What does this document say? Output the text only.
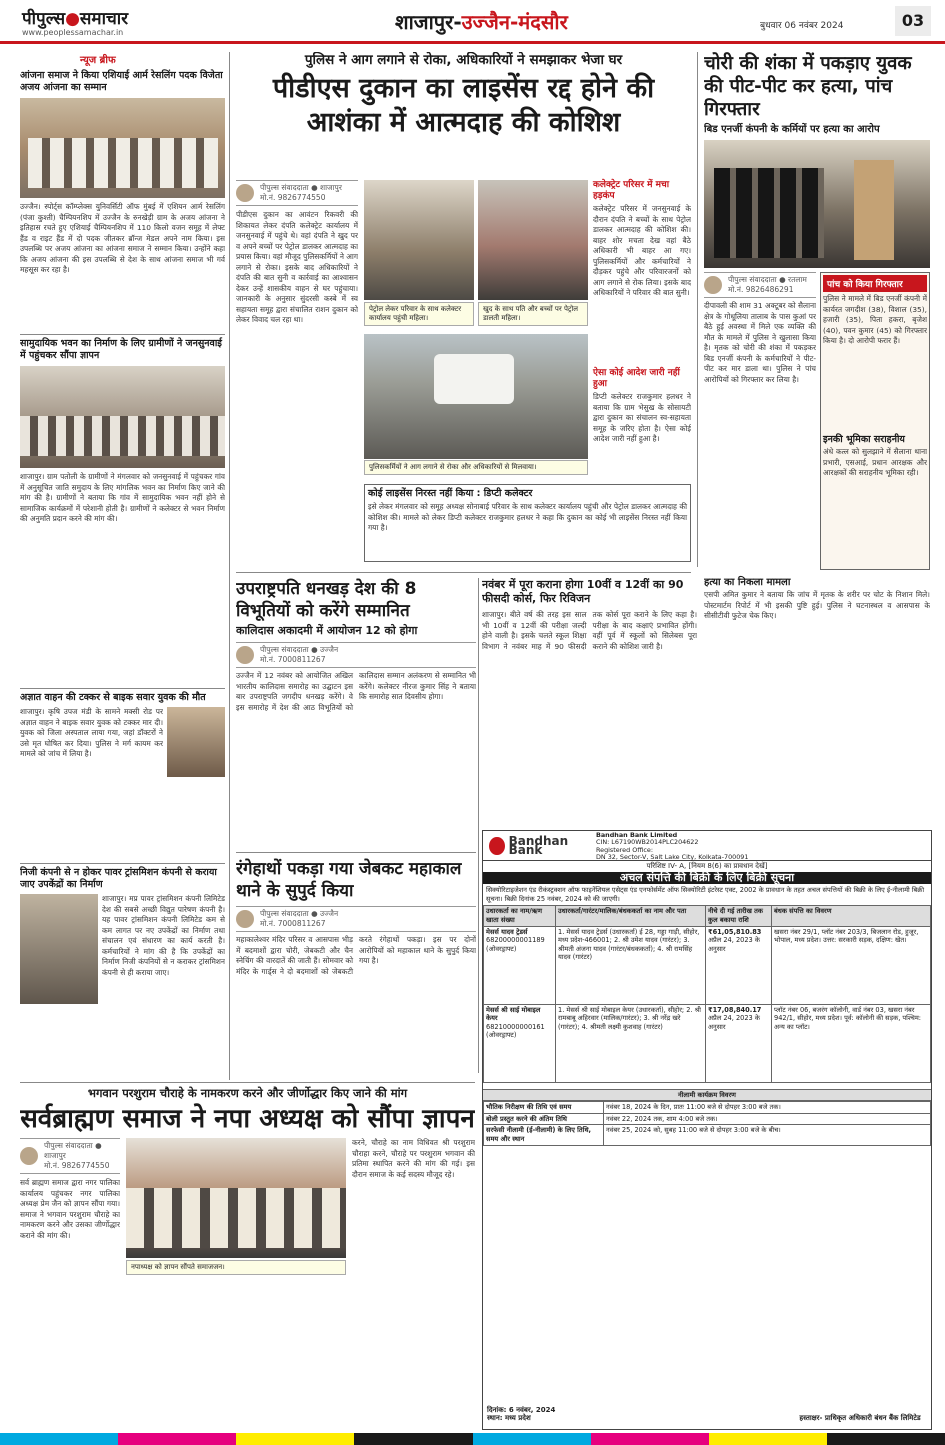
पीपुल्स●समाचार
www.peoplessamachar.in	शाजापुर-उज्जैन-मंदसौर	बुधवार 06 नवंबर 2024	03
न्यूज ब्रीफ
आंजना समाज ने किया एशियाई आर्म रेसलिंग पदक विजेता अजय आंजना का सम्मान
उज्जैन। स्पोर्ट्स कॉम्प्लेक्स युनिवर्सिटी ऑफ मुंबई में एशियन आर्म रेसलिंग (पंजा कुश्ती) चैम्पियनशिप में उज्जैन के रुनखेड़ी ग्राम के अजय आंजना ने इतिहास रचते हुए एशियाई चैम्पियनशिप में 110 किलो वजन समूह में लेफ्ट हैंड व राइट हैंड में दो पदक जीतकर ब्रॉन्ज मेडल अपने नाम किया। इस उपलब्धि पर अजय आंजना का आंजना समाज ने सम्मान किया। उन्होंने कहा कि अजय आंजना की इस उपलब्धि से देश के साथ आंजना समाज भी गर्व महसूस कर रहा है।
सामुदायिक भवन का निर्माण के लिए ग्रामीणों ने जनसुनवाई में पहुंचकर सौंपा ज्ञापन
शाजापुर। ग्राम पतोली के ग्रामीणों ने मंगलवार को जनसुनवाई में पहुंचकर गांव में अनुसूचित जाति समुदाय के लिए मांगलिक भवन का निर्माण किए जाने की मांग की है। ग्रामीणों ने बताया कि गांव में सामुदायिक भवन नहीं होने से सामाजिक कार्यक्रमों में परेशानी होती है। ग्रामीणों ने कलेक्टर से भवन निर्माण की अनुमति प्रदान करने की मांग की।
अज्ञात वाहन की टक्कर से बाइक सवार युवक की मौत
शाजापुर। कृषि उपज मंडी के सामने मक्सी रोड पर अज्ञात वाहन ने बाइक सवार युवक को टक्कर मार दी। युवक को जिला अस्पताल लाया गया, जहां डॉक्टरों ने उसे मृत घोषित कर दिया। पुलिस ने मर्ग कायम कर मामले को जांच में लिया है।
निजी कंपनी से न होकर पावर ट्रांसमिशन कंपनी से कराया जाए उपकेंद्रों का निर्माण
शाजापुर। मप्र पावर ट्रांसमिशन कंपनी लिमिटेड देश की सबसे अच्छी विद्युत पारेषण कंपनी है। यह पावर ट्रांसमिशन कंपनी लिमिटेड कम से कम लागत पर नए उपकेंद्रों का निर्माण तथा संचालन एवं संधारण का कार्य करती है। कर्मचारियों ने मांग की है कि उपकेंद्रों का निर्माण निजी कंपनियों से न कराकर ट्रांसमिशन कंपनी से ही कराया जाए।
पुलिस ने आग लगाने से रोका, अधिकारियों ने समझाकर भेजा घर
पीडीएस दुकान का लाइसेंस रद्द होने की आशंका में आत्मदाह की कोशिश
पीपुल्स संवाददाता ● शाजापुर
मो.नं. 9826774550
पीडीएस दुकान का आवंटन रिकवरी की शिकायत लेकर दंपति कलेक्ट्रेट कार्यालय में जनसुनवाई में पहुंचे थे। वहां दंपति ने खुद पर व अपने बच्चों पर पेट्रोल डालकर आत्मदाह का प्रयास किया। वहां मौजूद पुलिसकर्मियों ने आग लगाने से रोका। इसके बाद अधिकारियों ने दंपति की बात सुनी व कार्रवाई का आश्वासन देकर उन्हें शासकीय वाहन से घर पहुंचाया। जानकारी के अनुसार सुंदरसी कस्बे में स्व सहायता समूह द्वारा संचालित राशन दुकान को लेकर विवाद चल रहा था।
पेट्रोल लेकर परिवार के साथ कलेक्टर कार्यालय पहुंची महिला।
खुद के साथ पति और बच्चों पर पेट्रोल डालती महिला।
पुलिसकर्मियों ने आग लगाने से रोका और अधिकारियों से मिलवाया।
कलेक्ट्रेट परिसर में मचा हड़कंप
कलेक्ट्रेट परिसर में जनसुनवाई के दौरान दंपति ने बच्चों के साथ पेट्रोल डालकर आत्मदाह की कोशिश की। बाहर शोर मचता देख वहां बैठे अधिकारी भी बाहर आ गए। पुलिसकर्मियों और कर्मचारियों ने दौड़कर पहुंचे और परिवारजनों को आग लगाने से रोक लिया। इसके बाद अधिकारियों ने परिवार की बात सुनी।
ऐसा कोई आदेश जारी नहीं हुआ
डिप्टी कलेक्टर राजकुमार हलधर ने बताया कि ग्राम भेसुख के सोसायटी द्वारा दुकान का संचालन स्व-सहायता समूह के जरिए होता है। ऐसा कोई आदेश जारी नहीं हुआ है।
कोई लाइसेंस निरस्त नहीं किया : डिप्टी कलेक्टर
इसे लेकर मंगलवार को समूह अध्यक्ष सोनाबाई परिवार के साथ कलेक्टर कार्यालय पहुंची और पेट्रोल डालकर आत्मदाह की कोशिश की। मामले को लेकर डिप्टी कलेक्टर राजकुमार हलधर ने कहा कि दुकान का कोई भी लाइसेंस निरस्त नहीं किया गया है।
चोरी की शंका में पकड़ाए युवक की पीट-पीट कर हत्या, पांच गिरफ्तार
बिड एनर्जी कंपनी के कर्मियों पर हत्या का आरोप
पीपुल्स संवाददाता ● रतलाम
मो.नं. 9826486291
दीपावली की शाम 31 अक्टूबर को सैलाना क्षेत्र के गोधूलिया तालाब के पास कुआं पर बैठे हुई अवस्था में मिले एक व्यक्ति की मौत के मामले में पुलिस ने खुलासा किया है। मृतक को चोरी की शंका में पकड़कर बिड एनर्जी कंपनी के कर्मचारियों ने पीट-पीट कर मार डाला था। पुलिस ने पांच आरोपियों को गिरफ्तार कर लिया है।
पांच को किया गिरफ्तार
पुलिस ने मामले में बिड एनर्जी कंपनी में कार्यरत जगदीश (38), विशाल (35), हजारी (35), पिता हकरा, बृजेश (40), पवन कुमार (45) को गिरफ्तार किया है। दो आरोपी फरार हैं।
इनकी भूमिका सराहनीय
अंधे कत्ल को सुलझाने में सैलाना थाना प्रभारी, एसआई, प्रधान आरक्षक और आरक्षकों की सराहनीय भूमिका रही।
हत्या का निकला मामला
एसपी अमित कुमार ने बताया कि जांच में मृतक के शरीर पर चोट के निशान मिले। पोस्टमार्टम रिपोर्ट में भी इसकी पुष्टि हुई। पुलिस ने घटनास्थल व आसपास के सीसीटीवी फुटेज चेक किए।
उपराष्ट्रपति धनखड़ देश की 8 विभूतियों को करेंगे सम्मानित
कालिदास अकादमी में आयोजन 12 को होगा
पीपुल्स संवाददाता ● उज्जैन
मो.नं. 7000811267
उज्जैन में 12 नवंबर को आयोजित अखिल भारतीय कालिदास समारोह का उद्घाटन इस बार उपराष्ट्रपति जगदीप धनखड़ करेंगे। वे इस समारोह में देश की आठ विभूतियों को कालिदास सम्मान अलंकरण से सम्मानित भी करेंगे। कलेक्टर नीरज कुमार सिंह ने बताया कि समारोह सात दिवसीय होगा।
रंगेहाथों पकड़ा गया जेबकट महाकाल थाने के सुपुर्द किया
पीपुल्स संवाददाता ● उज्जैन
मो.नं. 7000811267
महाकालेश्वर मंदिर परिसर व आसपास भीड़ में बदमाशों द्वारा चोरी, जेबकटी और चैन स्नेचिंग की वारदातें की जाती हैं। सोमवार को मंदिर के गार्ड्स ने दो बदमाशों को जेबकटी करते रंगेहाथों पकड़ा। इस पर दोनों आरोपियों को महाकाल थाने के सुपुर्द किया गया है।
नवंबर में पूरा कराना होगा 10वीं व 12वीं का 90 फीसदी कोर्स, फिर रिविजन
शाजापुर। बीते वर्ष की तरह इस साल भी 10वीं व 12वीं की परीक्षा जल्दी होने वाली है। इसके चलते स्कूल शिक्षा विभाग ने नवंबर माह में 90 फीसदी तक कोर्स पूरा कराने के लिए कहा है। परीक्षा के बाद कक्षाएं प्रभावित होंगी। वहीं पूर्व में स्कूलों को सिलेबस पूरा कराने की कोशिश जारी है।
Bandhan Bank
Bandhan Bank Limited
CIN: L67190WB2014PLC204622
Registered Office:
DN 32, Sector-V, Salt Lake City, Kolkata-700091
परिशिष्ट IV- A, [नियम 8(6) का प्रावधान देखें]
अचल संपत्ति की बिक्री के लिए बिक्री सूचना
सिक्योरिटाइजेशन एंड रीकंस्ट्रक्शन ऑफ फाइनेंशियल एसेट्स एंड एनफोर्समेंट ऑफ सिक्योरिटी इंटरेस्ट एक्ट, 2002 के प्रावधान के तहत अचल संपत्तियों की बिक्री के लिए ई-नीलामी बिक्री सूचना। बिक्री दिनांक 25 नवंबर, 2024 को की जाएगी।
उधारकर्ता का नाम/ऋण खाता संख्या	उधारकर्ता/गारंटर/मालिक/बंधककर्ता का नाम और पता	नीचे दी गई तारीख तक कुल बकाया राशि	बंधक संपत्ति का विवरण
मेसर्स यादव ट्रेडर्स
68200000001189 (ओवरड्राफ्ट)	1. मेसर्स यादव ट्रेडर्स (उधारकर्ता) ई 28, गड्डा गाड़ी, सीहोर, मध्य प्रदेश-466001; 2. श्री उमेश यादव (गारंटर); 3. श्रीमती अंजना यादव (गारंटर/बंधककर्ता); 4. श्री रामसिंह यादव (गारंटर)	₹61,05,810.83
अप्रैल 24, 2023 के अनुसार	खसरा नंबर 29/1, प्लॉट नंबर 203/3, बिजलान रोड, हुजूर, भोपाल, मध्य प्रदेश। उत्तर: सरकारी सड़क, दक्षिण: खेत।
मेसर्स श्री साई मोबाइल केयर
68210000000161 (ओवरड्राफ्ट)	1. मेसर्स श्री साई मोबाइल केयर (उधारकर्ता), सीहोर; 2. श्री रामबाबू अहिरवार (मालिक/गारंटर); 3. श्री नरेंद्र खरे (गारंटर); 4. श्रीमती लक्ष्मी कुशवाह (गारंटर)	₹17,08,840.17
अप्रैल 24, 2023 के अनुसार	प्लॉट नंबर 06, बजरंग कॉलोनी, वार्ड नंबर 03, खसरा नंबर 942/1, सीहोर, मध्य प्रदेश। पूर्व: कॉलोनी की सड़क, पश्चिम: अन्य का प्लॉट।
नीलामी कार्यक्रम विवरण
भौतिक निरीक्षण की तिथि एवं समय	नवंबर 18, 2024 के दिन, प्रातः 11:00 बजे से दोपहर 3:00 बजे तक।
बोली प्रस्तुत करने की अंतिम तिथि	नवंबर 22, 2024 तक, शाम 4:00 बजे तक।
सरफेसी नीलामी (ई-नीलामी) के लिए तिथि, समय और स्थान	नवंबर 25, 2024 को, सुबह 11:00 बजे से दोपहर 3:00 बजे के बीच।
दिनांक: 6 नवंबर, 2024
स्थान: मध्य प्रदेश	हस्ताक्षर- प्राधिकृत अधिकारी बंधन बैंक लिमिटेड
भगवान परशुराम चौराहे के नामकरण करने और जीर्णोद्धार किए जाने की मांग
सर्वब्राह्मण समाज ने नपा अध्यक्ष को सौंपा ज्ञापन
पीपुल्स संवाददाता ● शाजापुर
मो.नं. 9826774550
सर्व ब्राह्मण समाज द्वारा नगर पालिका कार्यालय पहुंचकर नगर पालिका अध्यक्ष प्रेम जैन को ज्ञापन सौंपा गया। समाज ने भगवान परशुराम चौराहे का नामकरण करने और उसका जीर्णोद्धार कराने की मांग की।
नपाध्यक्ष को ज्ञापन सौंपते समाजजन।
करने, चौराहे का नाम विधिवत श्री परशुराम चौराहा करने, चौराहे पर परशुराम भगवान की प्रतिमा स्थापित करने की मांग की गई। इस दौरान समाज के कई सदस्य मौजूद रहे।
